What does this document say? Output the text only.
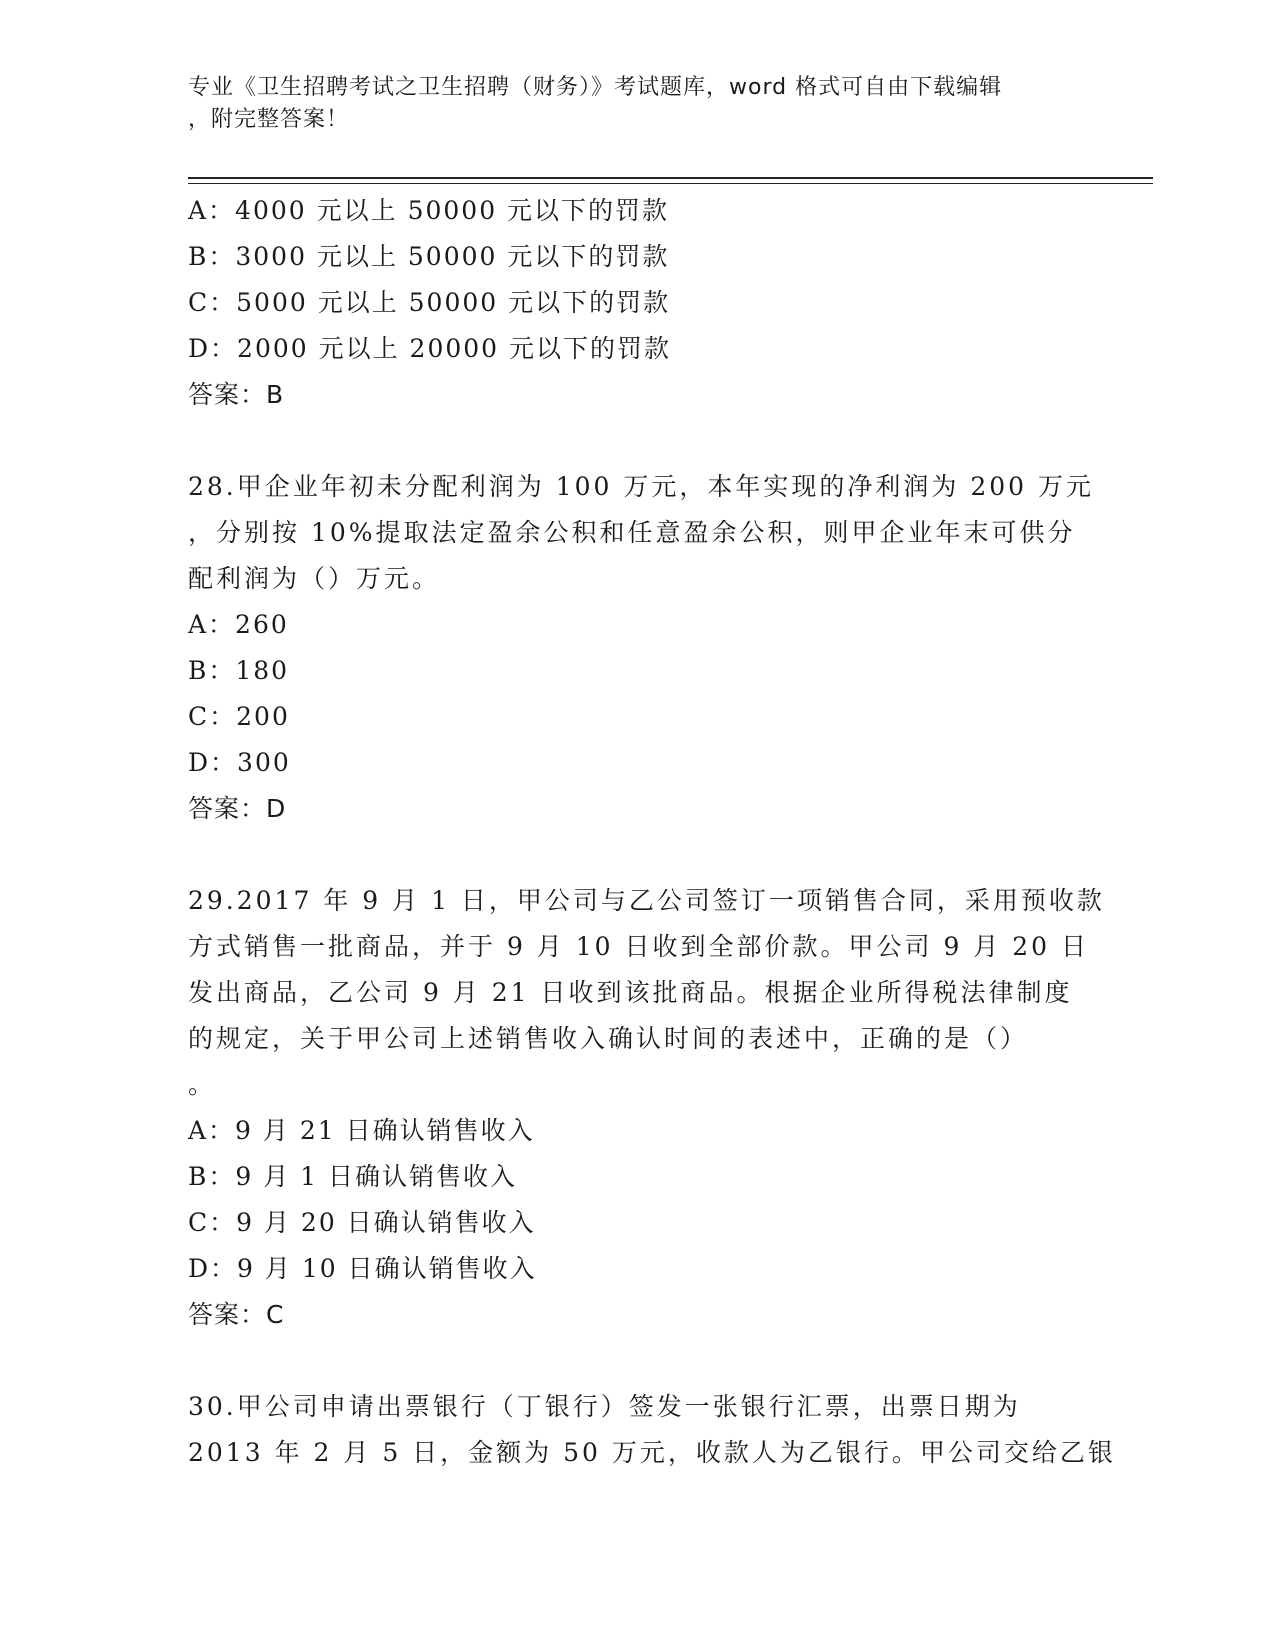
专业《卫生招聘考试之卫生招聘（财务）》考试题库，word 格式可自由下载编辑
，附完整答案！
A：4000 元以上 50000 元以下的罚款
B：3000 元以上 50000 元以下的罚款
C：5000 元以上 50000 元以下的罚款
D：2000 元以上 20000 元以下的罚款
答案：B
28.甲企业年初未分配利润为 100 万元，本年实现的净利润为 200 万元
，分别按 10%提取法定盈余公积和任意盈余公积，则甲企业年末可供分
配利润为（）万元。
A：260
B：180
C：200
D：300
答案：D
29.2017 年 9 月 1 日，甲公司与乙公司签订一项销售合同，采用预收款
方式销售一批商品，并于 9 月 10 日收到全部价款。甲公司 9 月 20 日
发出商品，乙公司 9 月 21 日收到该批商品。根据企业所得税法律制度
的规定，关于甲公司上述销售收入确认时间的表述中，正确的是（）
。
A：9 月 21 日确认销售收入
B：9 月 1 日确认销售收入
C：9 月 20 日确认销售收入
D：9 月 10 日确认销售收入
答案：C
30.甲公司申请出票银行（丁银行）签发一张银行汇票，出票日期为
2013 年 2 月 5 日，金额为 50 万元，收款人为乙银行。甲公司交给乙银
